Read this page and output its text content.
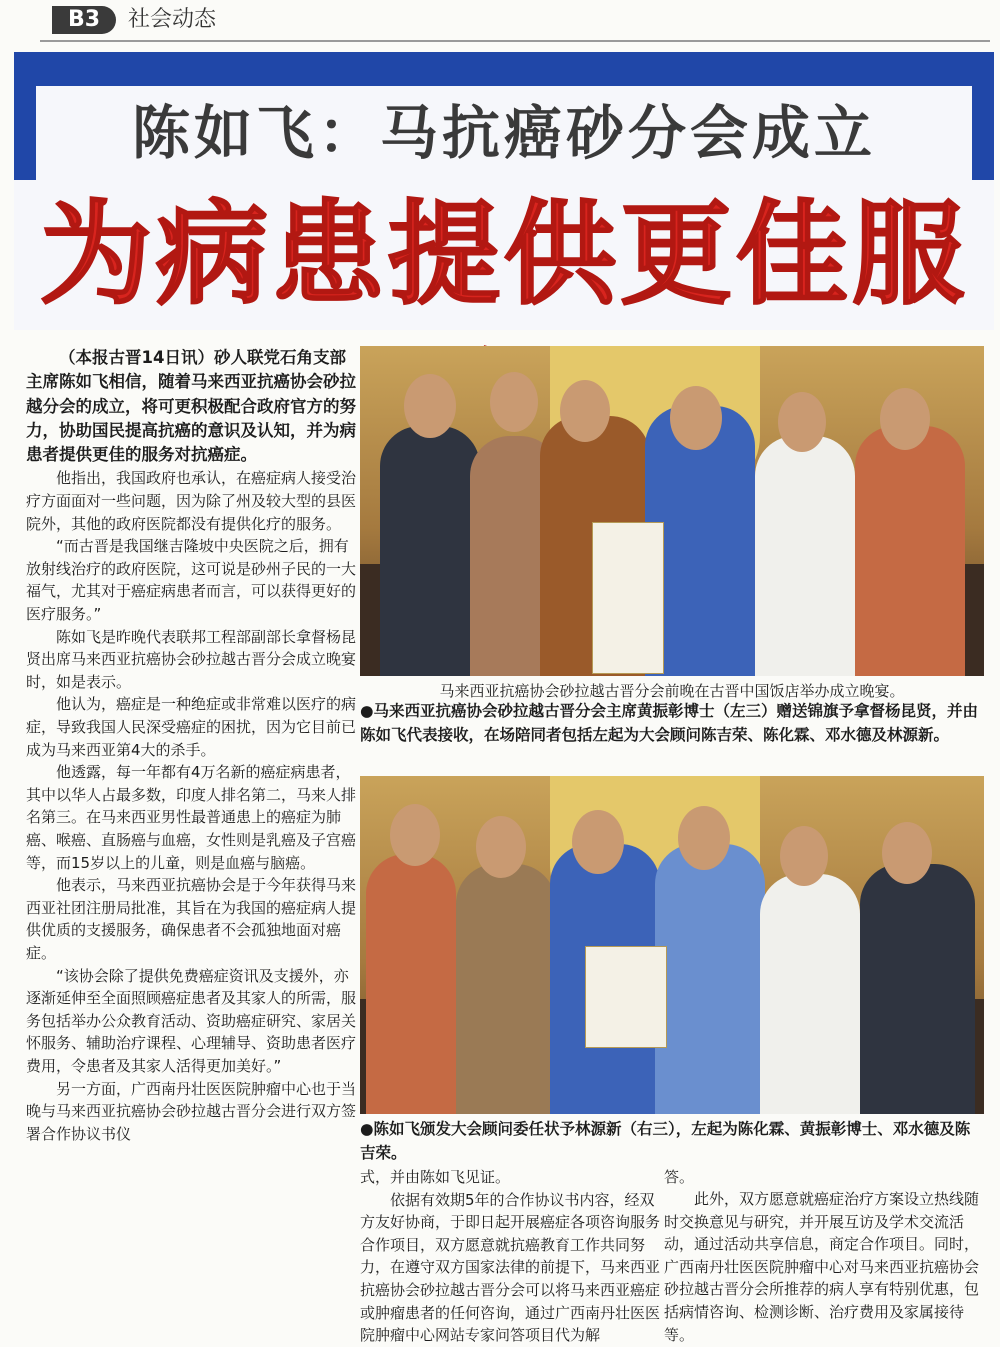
B3	社会动态
陈如飞：马抗癌砂分会成立
为病患提供更佳服

（本报古晋14日讯）砂人联党石角支部主席陈如飞相信，随着马来西亚抗癌协会砂拉越分会的成立，将可更积极配合政府官方的努力，协助国民提高抗癌的意识及认知，并为病患者提供更佳的服务对抗癌症。

他指出，我国政府也承认，在癌症病人接受治疗方面面对一些问题，因为除了州及较大型的县医院外，其他的政府医院都没有提供化疗的服务。

“而古晋是我国继吉隆坡中央医院之后，拥有放射线治疗的政府医院，这可说是砂州子民的一大福气，尤其对于癌症病患者而言，可以获得更好的医疗服务。”

陈如飞是昨晚代表联邦工程部副部长拿督杨昆贤出席马来西亚抗癌协会砂拉越古晋分会成立晚宴时，如是表示。

他认为，癌症是一种绝症或非常难以医疗的病症，导致我国人民深受癌症的困扰，因为它目前已成为马来西亚第4大的杀手。

他透露，每一年都有4万名新的癌症病患者，其中以华人占最多数，印度人排名第二，马来人排名第三。在马来西亚男性最普通患上的癌症为肺癌、喉癌、直肠癌与血癌，女性则是乳癌及子宫癌等，而15岁以上的儿童，则是血癌与脑癌。

他表示，马来西亚抗癌协会是于今年获得马来西亚社团注册局批准，其旨在为我国的癌症病人提供优质的支援服务，确保患者不会孤独地面对癌症。

“该协会除了提供免费癌症资讯及支援外，亦逐渐延伸至全面照顾癌症患者及其家人的所需，服务包括举办公众教育活动、资助癌症研究、家居关怀服务、辅助治疗课程、心理辅导、资助患者医疗费用，令患者及其家人活得更加美好。”

另一方面，广西南丹壮医医院肿瘤中心也于当晚与马来西亚抗癌协会砂拉越古晋分会进行双方签署合作协议书仪

马来西亚抗癌协会砂拉越古晋分会前晚在古晋中国饭店举办成立晚宴。
●马来西亚抗癌协会砂拉越古晋分会主席黄振彰博士（左三）赠送锦旗予拿督杨昆贤，并由陈如飞代表接收，在场陪同者包括左起为大会顾问陈吉荣、陈化霖、邓水德及林源新。
●陈如飞颁发大会顾问委任状予林源新（右三），左起为陈化霖、黄振彰博士、邓水德及陈吉荣。

式，并由陈如飞见证。

依据有效期5年的合作协议书内容，经双方友好协商，于即日起开展癌症各项咨询服务合作项目，双方愿意就抗癌教育工作共同努力，在遵守双方国家法律的前提下，马来西亚抗癌协会砂拉越古晋分会可以将马来西亚癌症或肿瘤患者的任何咨询，通过广西南丹壮医医院肿瘤中心网站专家问答项目代为解

答。

此外，双方愿意就癌症治疗方案设立热线随时交换意见与研究，并开展互访及学术交流活动，通过活动共享信息，商定合作项目。同时，广西南丹壮医医院肿瘤中心对马来西亚抗癌协会砂拉越古晋分会所推荐的病人享有特别优惠，包括病情咨询、检测诊断、治疗费用及家属接待等。
